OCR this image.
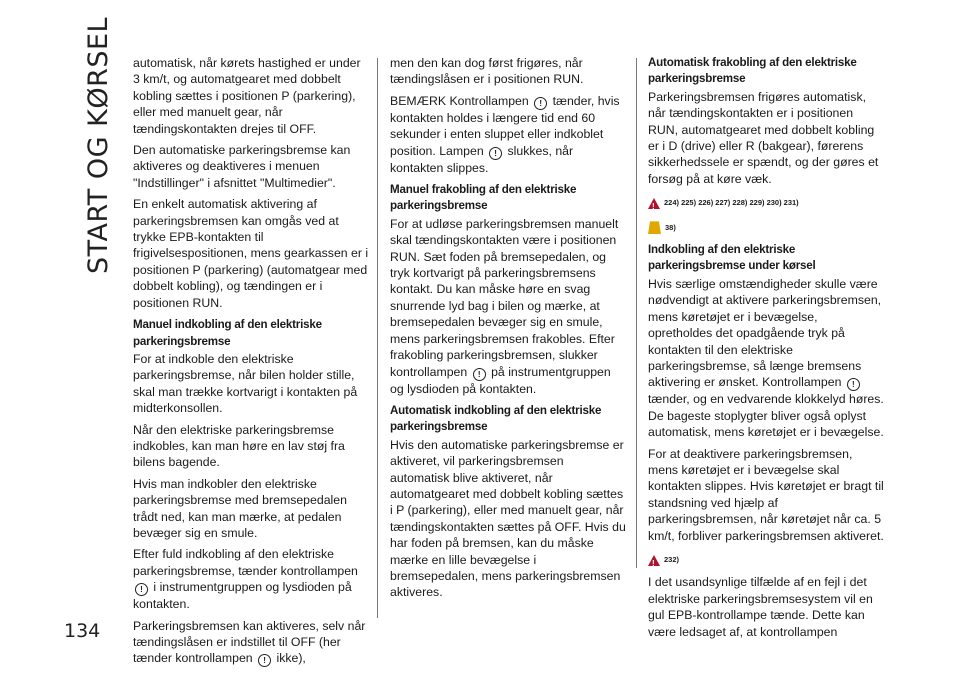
START OG KØRSEL automatisk, når kørets hastighed er under 3 km/t, og automatgearet med dobbelt kobling sættes i positionen P (parkering), eller med manuelt gear, når tændingskontakten drejes til OFF.

Den automatiske parkeringsbremse kan aktiveres og deaktiveres i menuen "Indstillinger" i afsnittet "Multimedier".

En enkelt automatisk aktivering af parkeringsbremsen kan omgås ved at trykke EPB-kontakten til frigivelsespositionen, mens gearkassen er i positionen P (parkering) (automatgear med dobbelt kobling), og tændingen er i positionen RUN.

Manuel indkobling af den elektriske parkeringsbremse

For at indkoble den elektriske parkeringsbremse, når bilen holder stille, skal man trække kortvarigt i kontakten på midterkonsollen.

Når den elektriske parkeringsbremse indkobles, kan man høre en lav støj fra bilens bagende.

Hvis man indkobler den elektriske parkeringsbremse med bremsepedalen trådt ned, kan man mærke, at pedalen bevæger sig en smule.

Efter fuld indkobling af den elektriske parkeringsbremse, tænder kontrollampen ! i instrumentgruppen og lysdioden på kontakten.

Parkeringsbremsen kan aktiveres, selv når tændingslåsen er indstillet til OFF (her tænder kontrollampen ! ikke),

men den kan dog først frigøres, når tændingslåsen er i positionen RUN.

BEMÆRK Kontrollampen ! tænder, hvis kontakten holdes i længere tid end 60 sekunder i enten sluppet eller indkoblet position. Lampen ! slukkes, når kontakten slippes.

Manuel frakobling af den elektriske parkeringsbremse

For at udløse parkeringsbremsen manuelt skal tændingskontakten være i positionen RUN. Sæt foden på bremsepedalen, og tryk kortvarigt på parkeringsbremsens kontakt. Du kan måske høre en svag snurrende lyd bag i bilen og mærke, at bremsepedalen bevæger sig en smule, mens parkeringsbremsen frakobles. Efter frakobling parkeringsbremsen, slukker kontrollampen ! på instrumentgruppen og lysdioden på kontakten.

Automatisk indkobling af den elektriske parkeringsbremse

Hvis den automatiske parkeringsbremse er aktiveret, vil parkeringsbremsen automatisk blive aktiveret, når automatgearet med dobbelt kobling sættes i P (parkering), eller med manuelt gear, når tændingskontakten sættes på OFF. Hvis du har foden på bremsen, kan du måske mærke en lille bevægelse i bremsepedalen, mens parkeringsbremsen aktiveres.

Automatisk frakobling af den elektriske parkeringsbremse

Parkeringsbremsen frigøres automatisk, når tændingskontakten er i positionen RUN, automatgearet med dobbelt kobling er i D (drive) eller R (bakgear), førerens sikkerhedssele er spændt, og der gøres et forsøg på at køre væk.

!
224) 225) 226) 227) 228) 229) 230) 231)
38)

Indkobling af den elektriske parkeringsbremse under kørsel

Hvis særlige omstændigheder skulle være nødvendigt at aktivere parkeringsbremsen, mens køretøjet er i bevægelse, opretholdes det opadgående tryk på kontakten til den elektriske parkeringsbremse, så længe bremsens aktivering er ønsket. Kontrollampen ! tænder, og en vedvarende klokkelyd høres. De bageste stoplygter bliver også oplyst automatisk, mens køretøjet er i bevægelse.

For at deaktivere parkeringsbremsen, mens køretøjet er i bevægelse skal kontakten slippes. Hvis køretøjet er bragt til standsning ved hjælp af parkeringsbremsen, når køretøjet når ca. 5 km/t, forbliver parkeringsbremsen aktiveret.

!
232)

I det usandsynlige tilfælde af en fejl i det elektriske parkeringsbremsesystem vil en gul EPB-kontrollampe tænde. Dette kan være ledsaget af, at kontrollampen

134
